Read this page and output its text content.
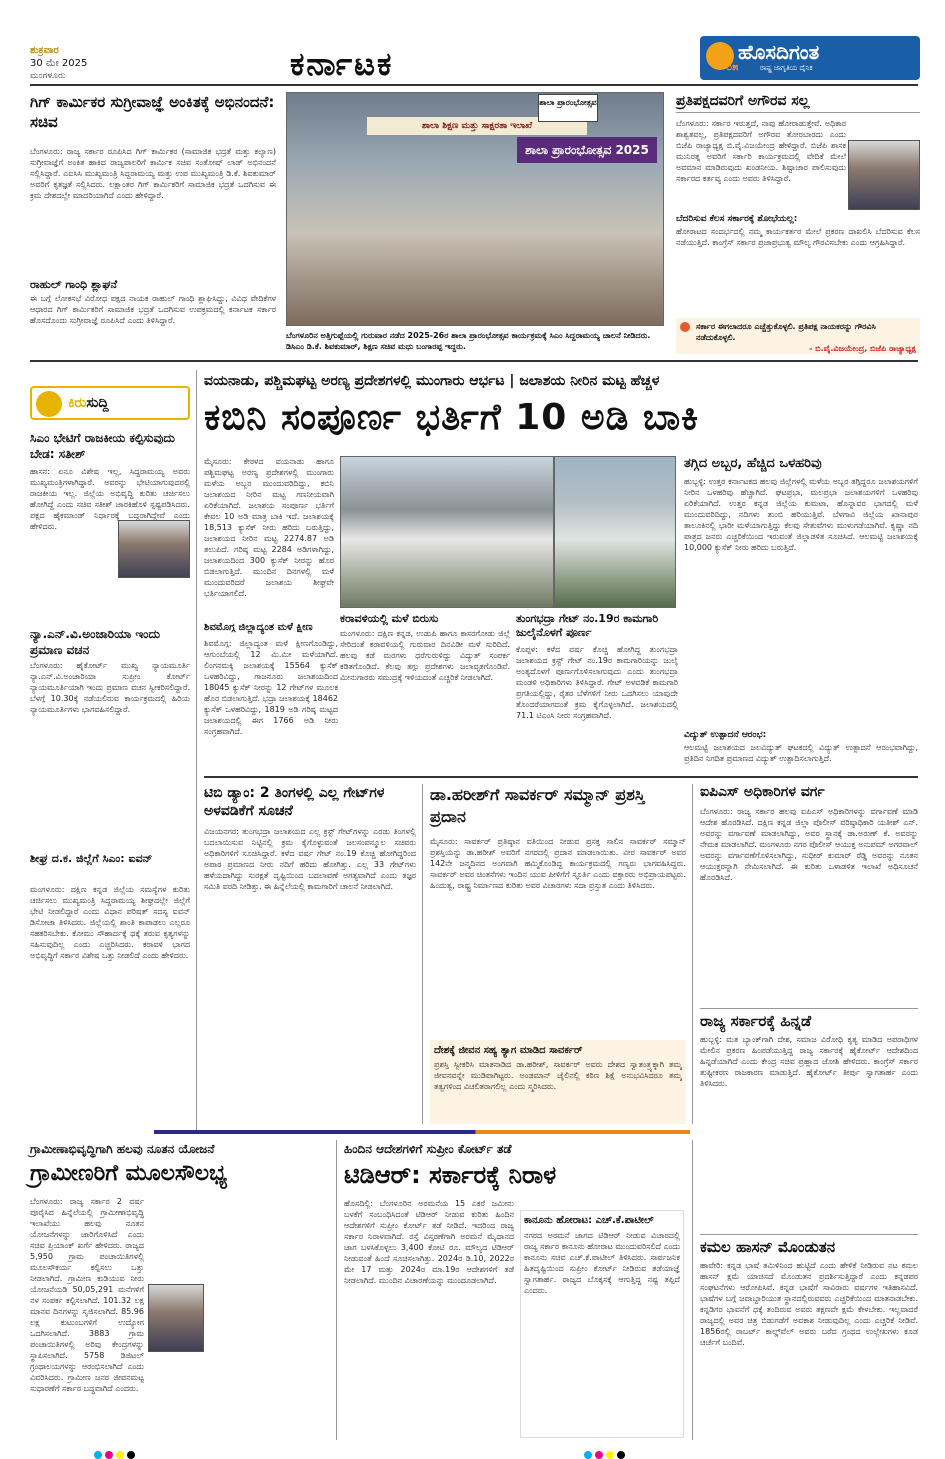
ಶುಕ್ರವಾರ
30 ಮೇ 2025
ಮಂಗಳೂರು	ಕರ್ನಾಟಕ	ಹೊಸದಿಗಂತ
೦೫	ರಾಷ್ಟ್ರ ಜಾಗೃತಿಯ ದೈನಿಕ
ಗಿಗ್ ಕಾರ್ಮಿಕರ ಸುಗ್ರೀವಾಜ್ಞೆ ಅಂಕಿತಕ್ಕೆ ಅಭಿನಂದನೆ: ಸಚಿವ
ಬೆಂಗಳೂರು: ರಾಜ್ಯ ಸರ್ಕಾರ ರೂಪಿಸಿದ ಗಿಗ್ ಕಾರ್ಮಿಕರ (ಸಾಮಾಜಿಕ ಭದ್ರತೆ ಮತ್ತು ಕಲ್ಯಾಣ) ಸುಗ್ರೀವಾಜ್ಞೆಗೆ ಅಂಕಿತ ಹಾಕಿದ ರಾಜ್ಯಪಾಲರಿಗೆ ಕಾರ್ಮಿಕ ಸಚಿವ ಸಂತೋಷ್ ಲಾಡ್ ಅಭಿನಂದನೆ ಸಲ್ಲಿಸಿದ್ದಾರೆ. ಎಐಸಿಸಿ ಮುಖ್ಯಮಂತ್ರಿ ಸಿದ್ದರಾಮಯ್ಯ ಮತ್ತು ಉಪ ಮುಖ್ಯಮಂತ್ರಿ ಡಿ.ಕೆ. ಶಿವಕುಮಾರ್ ಅವರಿಗೆ ಕೃತಜ್ಞತೆ ಸಲ್ಲಿಸಿದರು. ಲಕ್ಷಾಂತರ ಗಿಗ್ ಕಾರ್ಮಿಕರಿಗೆ ಸಾಮಾಜಿಕ ಭದ್ರತೆ ಒದಗಿಸುವ ಈ ಕ್ರಮ ದೇಶದಲ್ಲೇ ಮಾದರಿಯಾಗಿದೆ ಎಂದು ಹೇಳಿದ್ದಾರೆ.
ರಾಹುಲ್ ಗಾಂಧಿ ಶ್ಲಾಘನೆ
ಈ ಬಗ್ಗೆ ಲೋಕಸಭೆ ವಿರೋಧ ಪಕ್ಷದ ನಾಯಕ ರಾಹುಲ್ ಗಾಂಧಿ ಶ್ಲಾಘಿಸಿದ್ದು, ವಿವಿಧ ವೇದಿಕೆಗಳ ಆಧಾರದ ಗಿಗ್ ಕಾರ್ಮಿಕರಿಗೆ ಸಾಮಾಜಿಕ ಭದ್ರತೆ ಒದಗಿಸುವ ಉಪಕ್ರಮದಲ್ಲಿ ಕರ್ನಾಟಕ ಸರ್ಕಾರ ಹೊಸದೊಂದು ಸುಗ್ರೀವಾಜ್ಞೆ ರೂಪಿಸಿದೆ ಎಂದು ತಿಳಿಸಿದ್ದಾರೆ.
ಶಾಲಾ ಶಿಕ್ಷಣ ಮತ್ತು ಸಾಕ್ಷರತಾ ಇಲಾಖೆ
ಶಾಲಾ ಪ್ರಾರಂಭೋತ್ಸವ 2025
ಶಾಲಾ ಪ್ರಾರಂಭೋತ್ಸವ
ಬೆಂಗಳೂರಿನ ಅತ್ತಿಗುಪ್ಪೆಯಲ್ಲಿ ಗುರುವಾರ ನಡೆದ 2025-26ರ ಶಾಲಾ ಪ್ರಾರಂಭೋತ್ಸವ ಕಾರ್ಯಕ್ರಮಕ್ಕೆ ಸಿಎಂ ಸಿದ್ದರಾಮಯ್ಯ ಚಾಲನೆ ನೀಡಿದರು. ಡಿಸಿಎಂ ಡಿ.ಕೆ. ಶಿವಕುಮಾರ್, ಶಿಕ್ಷಣ ಸಚಿವ ಮಧು ಬಂಗಾರಪ್ಪ ಇದ್ದರು.
ಪ್ರತಿಪಕ್ಷದವರಿಗೆ ಅಗೌರವ ಸಲ್ಲ
ಬೆಂಗಳೂರು: ಸರ್ಕಾರ ಇರುತ್ತದೆ, ನಾವು ಹೋರಾಡುತ್ತೇವೆ. ಅಧಿಕಾರ ಶಾಶ್ವತವಲ್ಲ, ಪ್ರತಿಪಕ್ಷದವರಿಗೆ ಅಗೌರವ ತೋರಬಾರದು ಎಂದು ಬಿಜೆಪಿ ರಾಜ್ಯಾಧ್ಯಕ್ಷ ಬಿ.ವೈ.ವಿಜಯೇಂದ್ರ ಹೇಳಿದ್ದಾರೆ. ಬಿಜೆಪಿ ಶಾಸಕ ಮುನಿರತ್ನ ಅವರಿಗೆ ಸರ್ಕಾರಿ ಕಾರ್ಯಕ್ರಮದಲ್ಲಿ ವೇದಿಕೆ ಮೇಲೆ ಅವಮಾನ ಮಾಡಿರುವುದು ಖಂಡನೀಯ. ಶಿಷ್ಟಾಚಾರ ಪಾಲಿಸುವುದು ಸರ್ಕಾರದ ಕರ್ತವ್ಯ ಎಂದು ಅವರು ತಿಳಿಸಿದ್ದಾರೆ.
ಬೆದರಿಸುವ ಕೆಲಸ ಸರ್ಕಾರಕ್ಕೆ ಶೋಭೆಯಲ್ಲ:
ಹೋರಾಟದ ಸಂದರ್ಭದಲ್ಲಿ ನಮ್ಮ ಕಾರ್ಯಕರ್ತರ ಮೇಲೆ ಪ್ರಕರಣ ದಾಖಲಿಸಿ ಬೆದರಿಸುವ ಕೆಲಸ ನಡೆಯುತ್ತಿದೆ. ಕಾಂಗ್ರೆಸ್ ಸರ್ಕಾರ ಪ್ರಜಾಪ್ರಭುತ್ವ ಮೌಲ್ಯ ಗೌರವಿಸಬೇಕು ಎಂದು ಆಗ್ರಹಿಸಿದ್ದಾರೆ.
ಸರ್ಕಾರ ಈಗಲಾದರೂ ಎಚ್ಚೆತ್ತುಕೊಳ್ಳಲಿ. ಪ್ರತಿಪಕ್ಷ ನಾಯಕರನ್ನು ಗೌರವಿಸಿ ನಡೆದುಕೊಳ್ಳಲಿ.
- ಬಿ.ವೈ.ವಿಜಯೇಂದ್ರ, ಬಿಜೆಪಿ ರಾಜ್ಯಾಧ್ಯಕ್ಷ
ಕಿರುಸುದ್ದಿ
ಸಿಎಂ ಭೇಟಿಗೆ ರಾಜಕೀಯ ಕಲ್ಪಿಸುವುದು ಬೇಡ: ಸತೀಶ್
ಹಾಸನ: ಏನೂ ವಿಶೇಷ ಇಲ್ಲ, ಸಿದ್ದರಾಮಯ್ಯ ಅವರು ಮುಖ್ಯಮಂತ್ರಿಗಳಾಗಿದ್ದಾರೆ. ಅವರನ್ನು ಭೇಟಿಯಾಗುವುದರಲ್ಲಿ ರಾಜಕೀಯ ಇಲ್ಲ. ಜಿಲ್ಲೆಯ ಅಭಿವೃದ್ಧಿ ಕುರಿತು ಚರ್ಚಿಸಲು ಹೋಗಿದ್ದೆ ಎಂದು ಸಚಿವ ಸತೀಶ್ ಜಾರಕಿಹೊಳಿ ಸ್ಪಷ್ಟಪಡಿಸಿದರು. ಪಕ್ಷದ ಹೈಕಮಾಂಡ್ ನಿರ್ಧಾರಕ್ಕೆ ಬದ್ಧರಾಗಿದ್ದೇವೆ ಎಂದು ಹೇಳಿದರು.
ನ್ಯಾ.ಎನ್.ವಿ.ಅಂಜಾರಿಯಾ ಇಂದು ಪ್ರಮಾಣ ವಚನ
ಬೆಂಗಳೂರು: ಹೈಕೋರ್ಟ್ ಮುಖ್ಯ ನ್ಯಾಯಮೂರ್ತಿ ನ್ಯಾ.ಎನ್.ವಿ.ಅಂಜಾರಿಯಾ ಸುಪ್ರೀಂ ಕೋರ್ಟ್ ನ್ಯಾಯಮೂರ್ತಿಯಾಗಿ ಇಂದು ಪ್ರಮಾಣ ವಚನ ಸ್ವೀಕರಿಸಲಿದ್ದಾರೆ. ಬೆಳಗ್ಗೆ 10.30ಕ್ಕೆ ನಡೆಯಲಿರುವ ಕಾರ್ಯಕ್ರಮದಲ್ಲಿ ಹಿರಿಯ ನ್ಯಾಯಮೂರ್ತಿಗಳು ಭಾಗವಹಿಸಲಿದ್ದಾರೆ.
ಶೀಘ್ರ ದ.ಕ. ಜಿಲ್ಲೆಗೆ ಸಿಎಂ: ಐವನ್
ಮಂಗಳೂರು: ದಕ್ಷಿಣ ಕನ್ನಡ ಜಿಲ್ಲೆಯ ಸಮಸ್ಯೆಗಳ ಕುರಿತು ಚರ್ಚಿಸಲು ಮುಖ್ಯಮಂತ್ರಿ ಸಿದ್ದರಾಮಯ್ಯ ಶೀಘ್ರದಲ್ಲೇ ಜಿಲ್ಲೆಗೆ ಭೇಟಿ ನೀಡಲಿದ್ದಾರೆ ಎಂದು ವಿಧಾನ ಪರಿಷತ್ ಸದಸ್ಯ ಐವನ್ ಡಿಸೋಜಾ ತಿಳಿಸಿದರು. ಜಿಲ್ಲೆಯಲ್ಲಿ ಶಾಂತಿ ಕಾಪಾಡಲು ಎಲ್ಲರೂ ಸಹಕರಿಸಬೇಕು. ಕೋಮು ಸೌಹಾರ್ದಕ್ಕೆ ಧಕ್ಕೆ ತರುವ ಕೃತ್ಯಗಳನ್ನು ಸಹಿಸುವುದಿಲ್ಲ ಎಂದು ಎಚ್ಚರಿಸಿದರು. ಕರಾವಳಿ ಭಾಗದ ಅಭಿವೃದ್ಧಿಗೆ ಸರ್ಕಾರ ವಿಶೇಷ ಒತ್ತು ನೀಡಲಿದೆ ಎಂದು ಹೇಳಿದರು.
ವಯನಾಡು, ಪಶ್ಚಿಮಘಟ್ಟ ಅರಣ್ಯ ಪ್ರದೇಶಗಳಲ್ಲಿ ಮುಂಗಾರು ಆರ್ಭಟ | ಜಲಾಶಯ ನೀರಿನ ಮಟ್ಟ ಹೆಚ್ಚಳ
ಕಬಿನಿ ಸಂಪೂರ್ಣ ಭರ್ತಿಗೆ 10 ಅಡಿ ಬಾಕಿ
ಮೈಸೂರು: ಕೇರಳದ ವಯನಾಡು ಹಾಗೂ ಪಶ್ಚಿಮಘಟ್ಟ ಅರಣ್ಯ ಪ್ರದೇಶಗಳಲ್ಲಿ ಮುಂಗಾರು ಮಳೆಯ ಅಬ್ಬರ ಮುಂದುವರಿದಿದ್ದು, ಕಬಿನಿ ಜಲಾಶಯದ ನೀರಿನ ಮಟ್ಟ ಗಣನೀಯವಾಗಿ ಏರಿಕೆಯಾಗಿದೆ. ಜಲಾಶಯ ಸಂಪೂರ್ಣ ಭರ್ತಿಗೆ ಕೇವಲ 10 ಅಡಿ ಮಾತ್ರ ಬಾಕಿ ಇದೆ. ಜಲಾಶಯಕ್ಕೆ 18,513 ಕ್ಯುಸೆಕ್ ನೀರು ಹರಿದು ಬರುತ್ತಿದ್ದು, ಜಲಾಶಯದ ನೀರಿನ ಮಟ್ಟ 2274.87 ಅಡಿ ತಲುಪಿದೆ. ಗರಿಷ್ಠ ಮಟ್ಟ 2284 ಅಡಿಗಳಾಗಿದ್ದು, ಜಲಾಶಯದಿಂದ 300 ಕ್ಯುಸೆಕ್ ನೀರನ್ನು ಹೊರ ಬಿಡಲಾಗುತ್ತಿದೆ. ಮುಂದಿನ ದಿನಗಳಲ್ಲಿ ಮಳೆ ಮುಂದುವರಿದರೆ ಜಲಾಶಯ ಶೀಘ್ರವೇ ಭರ್ತಿಯಾಗಲಿದೆ.
ತಗ್ಗಿದ ಅಬ್ಬರ, ಹೆಚ್ಚಿದ ಒಳಹರಿವು
ಹುಬ್ಬಳ್ಳಿ: ಉತ್ತರ ಕರ್ನಾಟಕದ ಹಲವು ಜಿಲ್ಲೆಗಳಲ್ಲಿ ಮಳೆಯ ಅಬ್ಬರ ತಗ್ಗಿದ್ದರೂ ಜಲಾಶಯಗಳಿಗೆ ನೀರಿನ ಒಳಹರಿವು ಹೆಚ್ಚಾಗಿದೆ. ಘಟಪ್ರಭಾ, ಮಲಪ್ರಭಾ ಜಲಾಶಯಗಳಿಗೆ ಒಳಹರಿವು ಏರಿಕೆಯಾಗಿದೆ. ಉತ್ತರ ಕನ್ನಡ ಜಿಲ್ಲೆಯ ಕುಮಟಾ, ಹೊನ್ನಾವರ ಭಾಗದಲ್ಲಿ ಮಳೆ ಮುಂದುವರಿದಿದ್ದು, ನದಿಗಳು ತುಂಬಿ ಹರಿಯುತ್ತಿವೆ. ಬೆಳಗಾವಿ ಜಿಲ್ಲೆಯ ಖಾನಾಪುರ ತಾಲೂಕಿನಲ್ಲಿ ಭಾರೀ ಮಳೆಯಾಗುತ್ತಿದ್ದು ಕೆಲವು ಸೇತುವೆಗಳು ಮುಳುಗಡೆಯಾಗಿವೆ. ಕೃಷ್ಣಾ ನದಿ ಪಾತ್ರದ ಜನರು ಎಚ್ಚರಿಕೆಯಿಂದ ಇರುವಂತೆ ಜಿಲ್ಲಾಡಳಿತ ಸೂಚಿಸಿದೆ. ಆಲಮಟ್ಟಿ ಜಲಾಶಯಕ್ಕೆ 10,000 ಕ್ಯುಸೆಕ್ ನೀರು ಹರಿದು ಬರುತ್ತಿದೆ.
ವಿದ್ಯುತ್ ಉತ್ಪಾದನೆ ಆರಂಭ:
ಆಲಮಟ್ಟಿ ಜಲಾಶಯದ ಜಲವಿದ್ಯುತ್ ಘಟಕದಲ್ಲಿ ವಿದ್ಯುತ್ ಉತ್ಪಾದನೆ ಆರಂಭವಾಗಿದ್ದು, ಪ್ರತಿದಿನ ನಿಗದಿತ ಪ್ರಮಾಣದ ವಿದ್ಯುತ್ ಉತ್ಪಾದಿಸಲಾಗುತ್ತಿದೆ.
ಕರಾವಳಿಯಲ್ಲಿ ಮಳೆ ಬಿರುಸು
ಮಂಗಳೂರು: ದಕ್ಷಿಣ ಕನ್ನಡ, ಉಡುಪಿ ಹಾಗೂ ಕಾಸರಗೋಡು ಜಿಲ್ಲೆ ಸೇರಿದಂತೆ ಕರಾವಳಿಯಲ್ಲಿ ಗುರುವಾರ ದಿನವಿಡೀ ಮಳೆ ಸುರಿದಿದೆ. ಹಲವು ಕಡೆ ಮರಗಳು ಧರೆಗುರುಳಿದ್ದು ವಿದ್ಯುತ್ ಸಂಪರ್ಕ ಕಡಿತಗೊಂಡಿದೆ. ಕೆಲವು ತಗ್ಗು ಪ್ರದೇಶಗಳು ಜಲಾವೃತಗೊಂಡಿವೆ. ಮೀನುಗಾರರು ಸಮುದ್ರಕ್ಕೆ ಇಳಿಯದಂತೆ ಎಚ್ಚರಿಕೆ ನೀಡಲಾಗಿದೆ.
ಶಿವಮೊಗ್ಗ ಜಿಲ್ಲಾದ್ಯಂತ ಮಳೆ ಕ್ಷೀಣ
ಶಿವಮೊಗ್ಗ: ಜಿಲ್ಲಾದ್ಯಂತ ಮಳೆ ಕ್ಷೀಣಗೊಂಡಿದ್ದು, ಆಗುಂಬೆಯಲ್ಲಿ 12 ಮಿ.ಮೀ ಮಳೆಯಾಗಿದೆ. ಲಿಂಗನಮಕ್ಕಿ ಜಲಾಶಯಕ್ಕೆ 15564 ಕ್ಯುಸೆಕ್ ಒಳಹರಿವಿದ್ದು, ಗಾಜನೂರು ಜಲಾಶಯದಿಂದ 18045 ಕ್ಯುಸೆಕ್ ನೀರನ್ನು 12 ಗೇಟ್‌ಗಳ ಮೂಲಕ ಹೊರ ಬಿಡಲಾಗುತ್ತಿದೆ. ಭದ್ರಾ ಜಲಾಶಯಕ್ಕೆ 18462 ಕ್ಯುಸೆಕ್ ಒಳಹರಿವಿದ್ದು, 1819 ಅಡಿ ಗರಿಷ್ಠ ಮಟ್ಟದ ಜಲಾಶಯದಲ್ಲಿ ಈಗ 1766 ಅಡಿ ನೀರು ಸಂಗ್ರಹವಾಗಿದೆ.
ತುಂಗಭದ್ರಾ ಗೇಟ್ ನಂ.19ರ ಕಾಮಗಾರಿ ಜುಲೈನೊಳಗೆ ಪೂರ್ಣ
ಕೊಪ್ಪಳ: ಕಳೆದ ವರ್ಷ ಕೊಚ್ಚಿ ಹೋಗಿದ್ದ ತುಂಗಭದ್ರಾ ಜಲಾಶಯದ ಕ್ರಸ್ಟ್ ಗೇಟ್ ನಂ.19ರ ಕಾಮಗಾರಿಯನ್ನು ಜುಲೈ ಅಂತ್ಯದೊಳಗೆ ಪೂರ್ಣಗೊಳಿಸಲಾಗುವುದು ಎಂದು ತುಂಗಭದ್ರಾ ಮಂಡಳಿ ಅಧಿಕಾರಿಗಳು ತಿಳಿಸಿದ್ದಾರೆ. ಗೇಟ್ ಅಳವಡಿಕೆ ಕಾಮಗಾರಿ ಪ್ರಗತಿಯಲ್ಲಿದ್ದು, ರೈತರ ಬೆಳೆಗಳಿಗೆ ನೀರು ಒದಗಿಸಲು ಯಾವುದೇ ತೊಂದರೆಯಾಗದಂತೆ ಕ್ರಮ ಕೈಗೊಳ್ಳಲಾಗಿದೆ. ಜಲಾಶಯದಲ್ಲಿ 71.1 ಟಿಎಂಸಿ ನೀರು ಸಂಗ್ರಹವಾಗಿದೆ.
ಟಿಬಿ ಡ್ಯಾಂ: 2 ತಿಂಗಳಲ್ಲಿ ಎಲ್ಲ ಗೇಟ್‌ಗಳ ಅಳವಡಿಕೆಗೆ ಸೂಚನೆ
ವಿಜಯನಗರ: ತುಂಗಭದ್ರಾ ಜಲಾಶಯದ ಎಲ್ಲ ಕ್ರಸ್ಟ್ ಗೇಟ್‌ಗಳನ್ನು ಎರಡು ತಿಂಗಳಲ್ಲಿ ಬದಲಾಯಿಸುವ ನಿಟ್ಟಿನಲ್ಲಿ ಕ್ರಮ ಕೈಗೊಳ್ಳುವಂತೆ ಜಲಸಂಪನ್ಮೂಲ ಸಚಿವರು ಅಧಿಕಾರಿಗಳಿಗೆ ಸೂಚಿಸಿದ್ದಾರೆ. ಕಳೆದ ವರ್ಷ ಗೇಟ್ ನಂ.19 ಕೊಚ್ಚಿ ಹೋಗಿದ್ದರಿಂದ ಅಪಾರ ಪ್ರಮಾಣದ ನೀರು ನದಿಗೆ ಹರಿದು ಹೋಗಿತ್ತು. ಎಲ್ಲ 33 ಗೇಟ್‌ಗಳು ಹಳೆಯದಾಗಿದ್ದು ಸುರಕ್ಷತೆ ದೃಷ್ಟಿಯಿಂದ ಬದಲಾವಣೆ ಅಗತ್ಯವಾಗಿದೆ ಎಂದು ತಜ್ಞರ ಸಮಿತಿ ವರದಿ ನೀಡಿತ್ತು. ಈ ಹಿನ್ನೆಲೆಯಲ್ಲಿ ಕಾಮಗಾರಿಗೆ ಚಾಲನೆ ನೀಡಲಾಗಿದೆ.
ಡಾ.ಹರೀಶ್‌ಗೆ ಸಾವರ್ಕರ್ ಸಮ್ಮಾನ್ ಪ್ರಶಸ್ತಿ ಪ್ರದಾನ
ಮೈಸೂರು: ಸಾವರ್ಕರ್ ಪ್ರತಿಷ್ಠಾನ ವತಿಯಿಂದ ನೀಡುವ ಪ್ರಸಕ್ತ ಸಾಲಿನ ಸಾವರ್ಕರ್ ಸಮ್ಮಾನ್ ಪ್ರಶಸ್ತಿಯನ್ನು ಡಾ.ಹರೀಶ್ ಅವರಿಗೆ ನಗರದಲ್ಲಿ ಪ್ರದಾನ ಮಾಡಲಾಯಿತು. ವೀರ ಸಾವರ್ಕರ್ ಅವರ 142ನೇ ಜನ್ಮದಿನದ ಅಂಗವಾಗಿ ಹಮ್ಮಿಕೊಂಡಿದ್ದ ಕಾರ್ಯಕ್ರಮದಲ್ಲಿ ಗಣ್ಯರು ಭಾಗವಹಿಸಿದ್ದರು. ಸಾವರ್ಕರ್ ಅವರ ಚಿಂತನೆಗಳು ಇಂದಿನ ಯುವ ಪೀಳಿಗೆಗೆ ಸ್ಫೂರ್ತಿ ಎಂದು ವಕ್ತಾರರು ಅಭಿಪ್ರಾಯಪಟ್ಟರು. ಹಿಂದುತ್ವ, ರಾಷ್ಟ್ರ ನಿರ್ಮಾಣದ ಕುರಿತು ಅವರ ವಿಚಾರಗಳು ಸದಾ ಪ್ರಸ್ತುತ ಎಂದು ತಿಳಿಸಿದರು.
ದೇಶಕ್ಕೆ ಜೀವನ ಸಹ್ಯ ತ್ಯಾಗ ಮಾಡಿದ ಸಾವರ್ಕರ್
ಪ್ರಶಸ್ತಿ ಸ್ವೀಕರಿಸಿ ಮಾತನಾಡಿದ ಡಾ.ಹರೀಶ್, ಸಾವರ್ಕರ್ ಅವರು ದೇಶದ ಸ್ವಾತಂತ್ರ್ಯಕ್ಕಾಗಿ ತಮ್ಮ ಜೀವನವನ್ನೇ ಮುಡಿಪಾಗಿಟ್ಟರು. ಅಂಡಮಾನ್ ಜೈಲಿನಲ್ಲಿ ಕಠಿಣ ಶಿಕ್ಷೆ ಅನುಭವಿಸಿದರೂ ತಮ್ಮ ತತ್ವಗಳಿಂದ ವಿಚಲಿತರಾಗಲಿಲ್ಲ ಎಂದು ಸ್ಮರಿಸಿದರು.
ಐಪಿಎಸ್ ಅಧಿಕಾರಿಗಳ ವರ್ಗ
ಬೆಂಗಳೂರು: ರಾಜ್ಯ ಸರ್ಕಾರ ಹಲವು ಐಪಿಎಸ್ ಅಧಿಕಾರಿಗಳನ್ನು ವರ್ಗಾವಣೆ ಮಾಡಿ ಆದೇಶ ಹೊರಡಿಸಿದೆ. ದಕ್ಷಿಣ ಕನ್ನಡ ಜಿಲ್ಲಾ ಪೊಲೀಸ್ ವರಿಷ್ಠಾಧಿಕಾರಿ ಯತೀಶ್ ಎನ್. ಅವರನ್ನು ವರ್ಗಾವಣೆ ಮಾಡಲಾಗಿದ್ದು, ಅವರ ಸ್ಥಾನಕ್ಕೆ ಡಾ.ಅರುಣ್ ಕೆ. ಅವರನ್ನು ನೇಮಕ ಮಾಡಲಾಗಿದೆ. ಮಂಗಳೂರು ನಗರ ಪೊಲೀಸ್ ಆಯುಕ್ತ ಅನುಪಮ್ ಅಗರವಾಲ್ ಅವರನ್ನು ವರ್ಗಾವಣೆಗೊಳಿಸಲಾಗಿದ್ದು, ಸುಧೀರ್ ಕುಮಾರ್ ರೆಡ್ಡಿ ಅವರನ್ನು ನೂತನ ಆಯುಕ್ತರನ್ನಾಗಿ ನೇಮಿಸಲಾಗಿದೆ. ಈ ಕುರಿತು ಒಳಾಡಳಿತ ಇಲಾಖೆ ಅಧಿಸೂಚನೆ ಹೊರಡಿಸಿದೆ.
ರಾಜ್ಯ ಸರ್ಕಾರಕ್ಕೆ ಹಿನ್ನಡೆ
ಹುಬ್ಬಳ್ಳಿ: ಮತ ಬ್ಯಾಂಕ್‌ಗಾಗಿ ದೇಶ, ಸಮಾಜ ವಿರೋಧಿ ಕೃತ್ಯ ಮಾಡಿದ ಅಪರಾಧಿಗಳ ಮೇಲಿನ ಪ್ರಕರಣ ಹಿಂಪಡೆಯುತ್ತಿದ್ದ ರಾಜ್ಯ ಸರ್ಕಾರಕ್ಕೆ ಹೈಕೋರ್ಟ್ ಆದೇಶದಿಂದ ಹಿನ್ನಡೆಯಾಗಿದೆ ಎಂದು ಕೇಂದ್ರ ಸಚಿವ ಪ್ರಹ್ಲಾದ ಜೋಶಿ ಹೇಳಿದರು. ಕಾಂಗ್ರೆಸ್ ಸರ್ಕಾರ ತುಷ್ಟೀಕರಣ ರಾಜಕಾರಣ ಮಾಡುತ್ತಿದೆ. ಹೈಕೋರ್ಟ್ ತೀರ್ಪು ಸ್ವಾಗತಾರ್ಹ ಎಂದು ತಿಳಿಸಿದರು.
ಗ್ರಾಮೀಣಾಭಿವೃದ್ಧಿಗಾಗಿ ಹಲವು ನೂತನ ಯೋಜನೆ
ಗ್ರಾಮೀಣರಿಗೆ ಮೂಲಸೌಲಭ್ಯ
ಬೆಂಗಳೂರು: ರಾಜ್ಯ ಸರ್ಕಾರ 2 ವರ್ಷ ಪೂರೈಸಿದ ಹಿನ್ನೆಲೆಯಲ್ಲಿ ಗ್ರಾಮೀಣಾಭಿವೃದ್ಧಿ ಇಲಾಖೆಯು ಹಲವು ನೂತನ ಯೋಜನೆಗಳನ್ನು ಜಾರಿಗೊಳಿಸಿದೆ ಎಂದು ಸಚಿವ ಪ್ರಿಯಾಂಕ್ ಖರ್ಗೆ ಹೇಳಿದರು. ರಾಜ್ಯದ 5,950 ಗ್ರಾಮ ಪಂಚಾಯಿತಿಗಳಲ್ಲಿ ಮೂಲಸೌಕರ್ಯ ಕಲ್ಪಿಸಲು ಒತ್ತು ನೀಡಲಾಗಿದೆ. ಗ್ರಾಮೀಣ ಕುಡಿಯುವ ನೀರು ಯೋಜನೆಯಡಿ 50,05,291 ಮನೆಗಳಿಗೆ ನಳ ಸಂಪರ್ಕ ಕಲ್ಪಿಸಲಾಗಿದೆ. 101.32 ಲಕ್ಷ ಮಾನವ ದಿನಗಳನ್ನು ಸೃಜಿಸಲಾಗಿದೆ. 85.96 ಲಕ್ಷ ಕುಟುಂಬಗಳಿಗೆ ಉದ್ಯೋಗ ಒದಗಿಸಲಾಗಿದೆ. 3883 ಗ್ರಾಮ ಪಂಚಾಯಿತಿಗಳಲ್ಲಿ ಅರಿವು ಕೇಂದ್ರಗಳನ್ನು ಸ್ಥಾಪಿಸಲಾಗಿದೆ. 5758 ಡಿಜಿಟಲ್ ಗ್ರಂಥಾಲಯಗಳನ್ನು ಆರಂಭಿಸಲಾಗಿದೆ ಎಂದು ವಿವರಿಸಿದರು. ಗ್ರಾಮೀಣ ಜನರ ಜೀವನಮಟ್ಟ ಸುಧಾರಣೆಗೆ ಸರ್ಕಾರ ಬದ್ಧವಾಗಿದೆ ಎಂದರು.
ಹಿಂದಿನ ಆದೇಶಗಳಿಗೆ ಸುಪ್ರೀಂ ಕೋರ್ಟ್ ತಡೆ
ಟಿಡಿಆರ್: ಸರ್ಕಾರಕ್ಕೆ ನಿರಾಳ
ಹೊಸದಿಲ್ಲಿ: ಬೆಂಗಳೂರಿನ ಅರಮನೆಯ 15 ಎಕರೆ ಜಮೀನು ಬಳಕೆಗೆ ಸಂಬಂಧಿಸಿದಂತೆ ಟಿಡಿಆರ್ ನೀಡುವ ಕುರಿತು ಹಿಂದಿನ ಆದೇಶಗಳಿಗೆ ಸುಪ್ರೀಂ ಕೋರ್ಟ್ ತಡೆ ನೀಡಿದೆ. ಇದರಿಂದ ರಾಜ್ಯ ಸರ್ಕಾರ ನಿರಾಳವಾಗಿದೆ. ರಸ್ತೆ ವಿಸ್ತರಣೆಗಾಗಿ ಅರಮನೆ ಮೈದಾನದ ಜಾಗ ಬಳಸಿಕೊಳ್ಳಲು 3,400 ಕೋಟಿ ರೂ. ಮೌಲ್ಯದ ಟಿಡಿಆರ್ ನೀಡುವಂತೆ ಹಿಂದೆ ಸೂಚಿಸಲಾಗಿತ್ತು. 2024ರ ಡಿ.10, 2022ರ ಮೇ 17 ಮತ್ತು 2024ರ ಮಾ.19ರ ಆದೇಶಗಳಿಗೆ ತಡೆ ನೀಡಲಾಗಿದೆ. ಮುಂದಿನ ವಿಚಾರಣೆಯನ್ನು ಮುಂದೂಡಲಾಗಿದೆ.
ಕಾನೂನು ಹೋರಾಟ: ಎಚ್.ಕೆ.ಪಾಟೀಲ್
ನಗರದ ಅರಮನೆ ಜಾಗದ ಟಿಡಿಆರ್ ನೀಡುವ ವಿಚಾರದಲ್ಲಿ ರಾಜ್ಯ ಸರ್ಕಾರ ಕಾನೂನು ಹೋರಾಟ ಮುಂದುವರಿಸಲಿದೆ ಎಂದು ಕಾನೂನು ಸಚಿವ ಎಚ್.ಕೆ.ಪಾಟೀಲ್ ತಿಳಿಸಿದರು. ಸಾರ್ವಜನಿಕ ಹಿತದೃಷ್ಟಿಯಿಂದ ಸುಪ್ರೀಂ ಕೋರ್ಟ್ ನೀಡಿರುವ ತಡೆಯಾಜ್ಞೆ ಸ್ವಾಗತಾರ್ಹ. ರಾಜ್ಯದ ಬೊಕ್ಕಸಕ್ಕೆ ಆಗುತ್ತಿದ್ದ ನಷ್ಟ ತಪ್ಪಿದೆ ಎಂದರು.
ಕಮಲ ಹಾಸನ್ ಮೊಂಡುತನ
ಹಾವೇರಿ: ಕನ್ನಡ ಭಾಷೆ ತಮಿಳಿನಿಂದ ಹುಟ್ಟಿದೆ ಎಂದು ಹೇಳಿಕೆ ನೀಡಿರುವ ನಟ ಕಮಲ ಹಾಸನ್ ಕ್ಷಮೆ ಯಾಚಿಸದೆ ಮೊಂಡುತನ ಪ್ರದರ್ಶಿಸುತ್ತಿದ್ದಾರೆ ಎಂದು ಕನ್ನಡಪರ ಸಂಘಟನೆಗಳು ಆರೋಪಿಸಿವೆ. ಕನ್ನಡ ಭಾಷೆಗೆ ಸಾವಿರಾರು ವರ್ಷಗಳ ಇತಿಹಾಸವಿದೆ. ಭಾಷೆಗಳ ಬಗ್ಗೆ ಜವಾಬ್ದಾರಿಯುತ ಸ್ಥಾನದಲ್ಲಿರುವವರು ಎಚ್ಚರಿಕೆಯಿಂದ ಮಾತನಾಡಬೇಕು. ಕನ್ನಡಿಗರ ಭಾವನೆಗೆ ಧಕ್ಕೆ ತಂದಿರುವ ಅವರು ತಕ್ಷಣವೇ ಕ್ಷಮೆ ಕೇಳಬೇಕು. ಇಲ್ಲವಾದರೆ ರಾಜ್ಯದಲ್ಲಿ ಅವರ ಚಿತ್ರ ಬಿಡುಗಡೆಗೆ ಅವಕಾಶ ನೀಡುವುದಿಲ್ಲ ಎಂದು ಎಚ್ಚರಿಕೆ ನೀಡಿವೆ. 1856ರಲ್ಲಿ ರಾಬರ್ಟ್ ಕಾಲ್ಡ್‌ವೆಲ್ ಅವರು ಬರೆದ ಗ್ರಂಥದ ಉಲ್ಲೇಖಗಳು ಕೂಡ ಚರ್ಚೆಗೆ ಬಂದಿವೆ.
